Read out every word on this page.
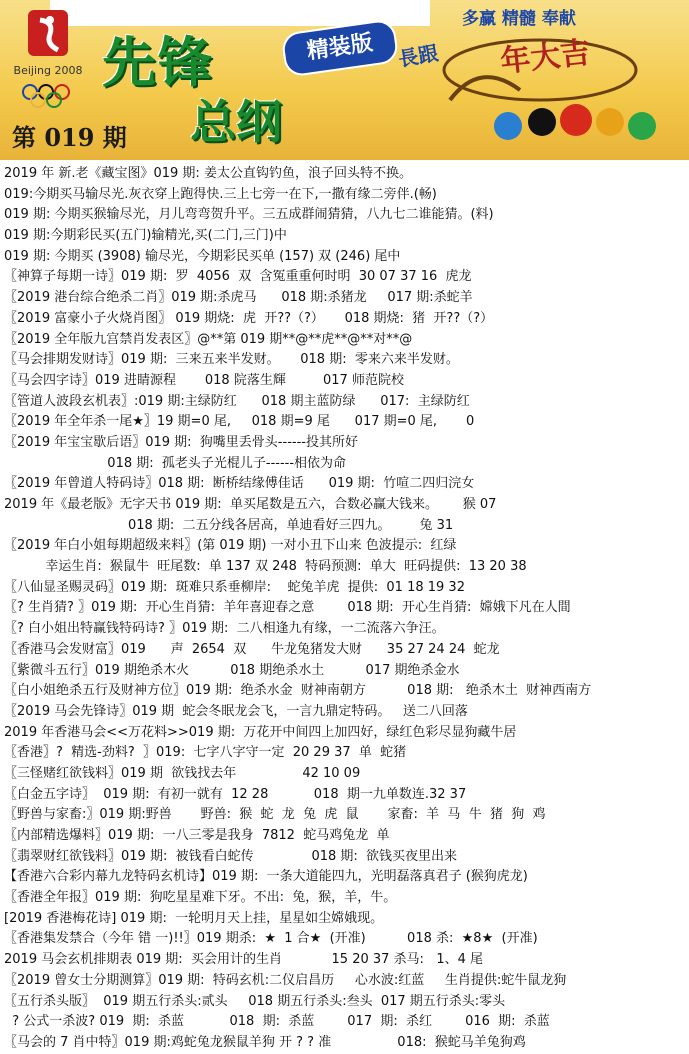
Beijing 2008 先锋	精装版
总纲
第 019 期
多赢 精髓 奉献
長跟 年大吉
2019 年 新.老《藏宝图》019 期: 姜太公直钩钓鱼，浪子回头特不换。
019:今期买马输尽光.灰衣穿上跑得快.三上七旁一在下,一撒有缘二旁伴.(畅)
019 期: 今期买猴输尽光，月儿弯弯贺升平。三五成群闹猜猜，八九七二谁能猜。(料)
019 期:今期彩民买(五门)输精光,买(二门,三门)中
019 期: 今期买 (3908) 输尽光，今期彩民买单 (157) 双 (246) 尾中
〖神算子每期一诗〗019 期:  罗  4056  双  含冤重重何时明  30 07 37 16  虎龙
〖2019 港台综合绝杀二肖〗019 期:杀虎马      018 期:杀猪龙     017 期:杀蛇羊
〖2019 富豪小子火烧肖图〗 019 期烧:  虎  开??（?）     018 期烧:  猪  开??（?）
〖2019 全年版九宫禁肖发表区〗@**第 019 期**@**虎**@**对**@
〖马会排期发财诗〗019 期:  三来五来半发财。     018 期:  零来六来半发财。
〖马会四字诗〗019 进睛源程       018 院落生輝         017 师范院校
〖管道人波段玄机表〗:019 期:主绿防红      018 期主蓝防绿      017:  主绿防红
〖2019 年全年杀一尾★〗19 期=0 尾,     018 期=9 尾      017 期=0 尾,       0
〖2019 年宝宝歇后语〗019 期:  狗嘴里丢骨头------投其所好
018 期:  孤老头子光棍儿子------相依为命
〖2019 年曾道人特码诗〗018 期:  断桥结缘傅佳话      019 期:  竹喧二四归浣女
2019 年《最老版》无字天书 019 期:  单买尾数是五六，合数必赢大钱来。      猴 07
018 期:  二五分线各居高，单迪看好三四九。       兔 31
〖2019 年白小姐每期超级来料〗(第 019 期) 一对小丑下山来 色波提示:  红绿
幸运生肖:  猴鼠牛  旺尾数:  单 137 双 248  特码预测:  单大  旺码提供:  13 20 38
〖八仙显圣赐灵码〗019 期:  斑难只系垂柳岸:    蛇兔羊虎  提供:  01 18 19 32
〖? 生肖猜? 〗019 期:  开心生肖猜:  羊年喜迎春之意        018 期:  开心生肖猜:  嫦娥下凡在人間
〖? 白小姐出特赢钱特码诗? 〗019 期:  二八相逢九有缘，一二流落六争汪。
〖香港马会发财富〗019      声  2654  双      牛龙兔猪发大财      35 27 24 24  蛇龙
〖紫微斗五行〗019 期绝杀木火          018 期绝杀水土          017 期绝杀金水
〖白小姐绝杀五行及财神方位〗019 期:  绝杀水金  财神南朝方          018 期:   绝杀木土  财神西南方
〖2019 马会先锋诗〗019 期  蛇会冬眠龙会飞，一言九鼎定特码。   送二八回落
2019 年香港马会<<万花料>>019 期:  万花开中间四上加四好，绿红色彩尽显狗藏牛居
〖香港〗?  精选-劲料?  〗019:  七字八字守一定  20 29 37  单  蛇猪
〖三怪赌红欲钱料〗019 期  欲钱找去年                42 10 09
〖白金五字诗〗  019 期:  有初一就有  12 28           018  期一九单数连.32 37
〖野兽与家畜:〗019 期:野兽       野兽:  猴  蛇  龙  兔  虎  鼠       家畜:  羊  马  牛  猪  狗  鸡
〖内部精选爆料〗019 期:  一八三零是我身  7812  蛇马鸡兔龙  单
〖翡翠财红欲钱料〗019 期:  被钱看白蛇传              018 期:  欲钱买夜里出来
【香港六合彩内幕九龙特码玄机诗】019 期:  一条大道能四九，光明磊落真君子 (猴狗虎龙)
〖香港全年报〗019 期:  狗吃星星难下牙。不出:  兔，猴，羊，牛。
[2019 香港梅花诗] 019 期:  一轮明月天上挂，星星如尘嫦娥现。
〖香港集发禁合（今年 错 一)!!〗019 期杀:  ★  1 合★  (开准)          018 杀:  ★8★  (开准)
2019 马会玄机排期表 019 期:  买会用计的生肖            15 20 37 杀马:   1、4 尾
〖2019 曾女士分期测算〗019 期:  特码玄机:二仪启昌历     心水波:红蓝     生肖提供:蛇牛鼠龙狗
〖五行杀头版〗  019 期五行杀头:贰头     018 期五行杀头:叁头  017 期五行杀头:零头
? 公式一杀波? 019  期:  杀蓝           018  期:  杀蓝        017  期:  杀红        016  期:  杀蓝
〖马会的 7 肖中特〗019 期:鸡蛇兔龙猴鼠羊狗 开 ? ? 准                018:  猴蛇马羊兔狗鸡
